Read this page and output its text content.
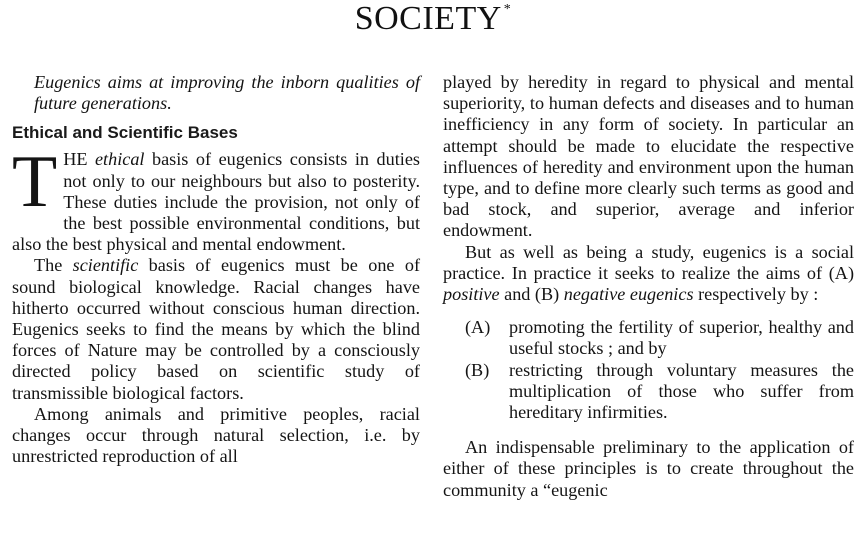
SOCIETY *

Eugenics aims at improving the inborn qualities of future generations.

Ethical and Scientific Bases

THE ethical basis of eugenics consists in duties not only to our neighbours but also to posterity. These duties include the provision, not only of the best possible environmental conditions, but also the best physical and mental endowment.

The scientific basis of eugenics must be one of sound biological knowledge. Racial changes have hitherto occurred without conscious human direction. Eugenics seeks to find the means by which the blind forces of Nature may be controlled by a consciously directed policy based on scientific study of transmissible biological factors.

Among animals and primitive peoples, racial changes occur through natural selection, i.e. by unrestricted reproduction of all

played by heredity in regard to physical and mental superiority, to human defects and diseases and to human inefficiency in any form of society. In particular an attempt should be made to elucidate the respective influences of heredity and environment upon the human type, and to define more clearly such terms as good and bad stock, and superior, average and inferior endowment.

But as well as being a study, eugenics is a social practice. In practice it seeks to realize the aims of (A) positive and (B) negative eugenics respectively by :

(A)	promoting the fertility of superior, healthy and useful stocks ; and by
(B)	restricting through voluntary measures the multiplication of those who suffer from hereditary infirmities.

An indispensable preliminary to the application of either of these principles is to create throughout the community a “eugenic
